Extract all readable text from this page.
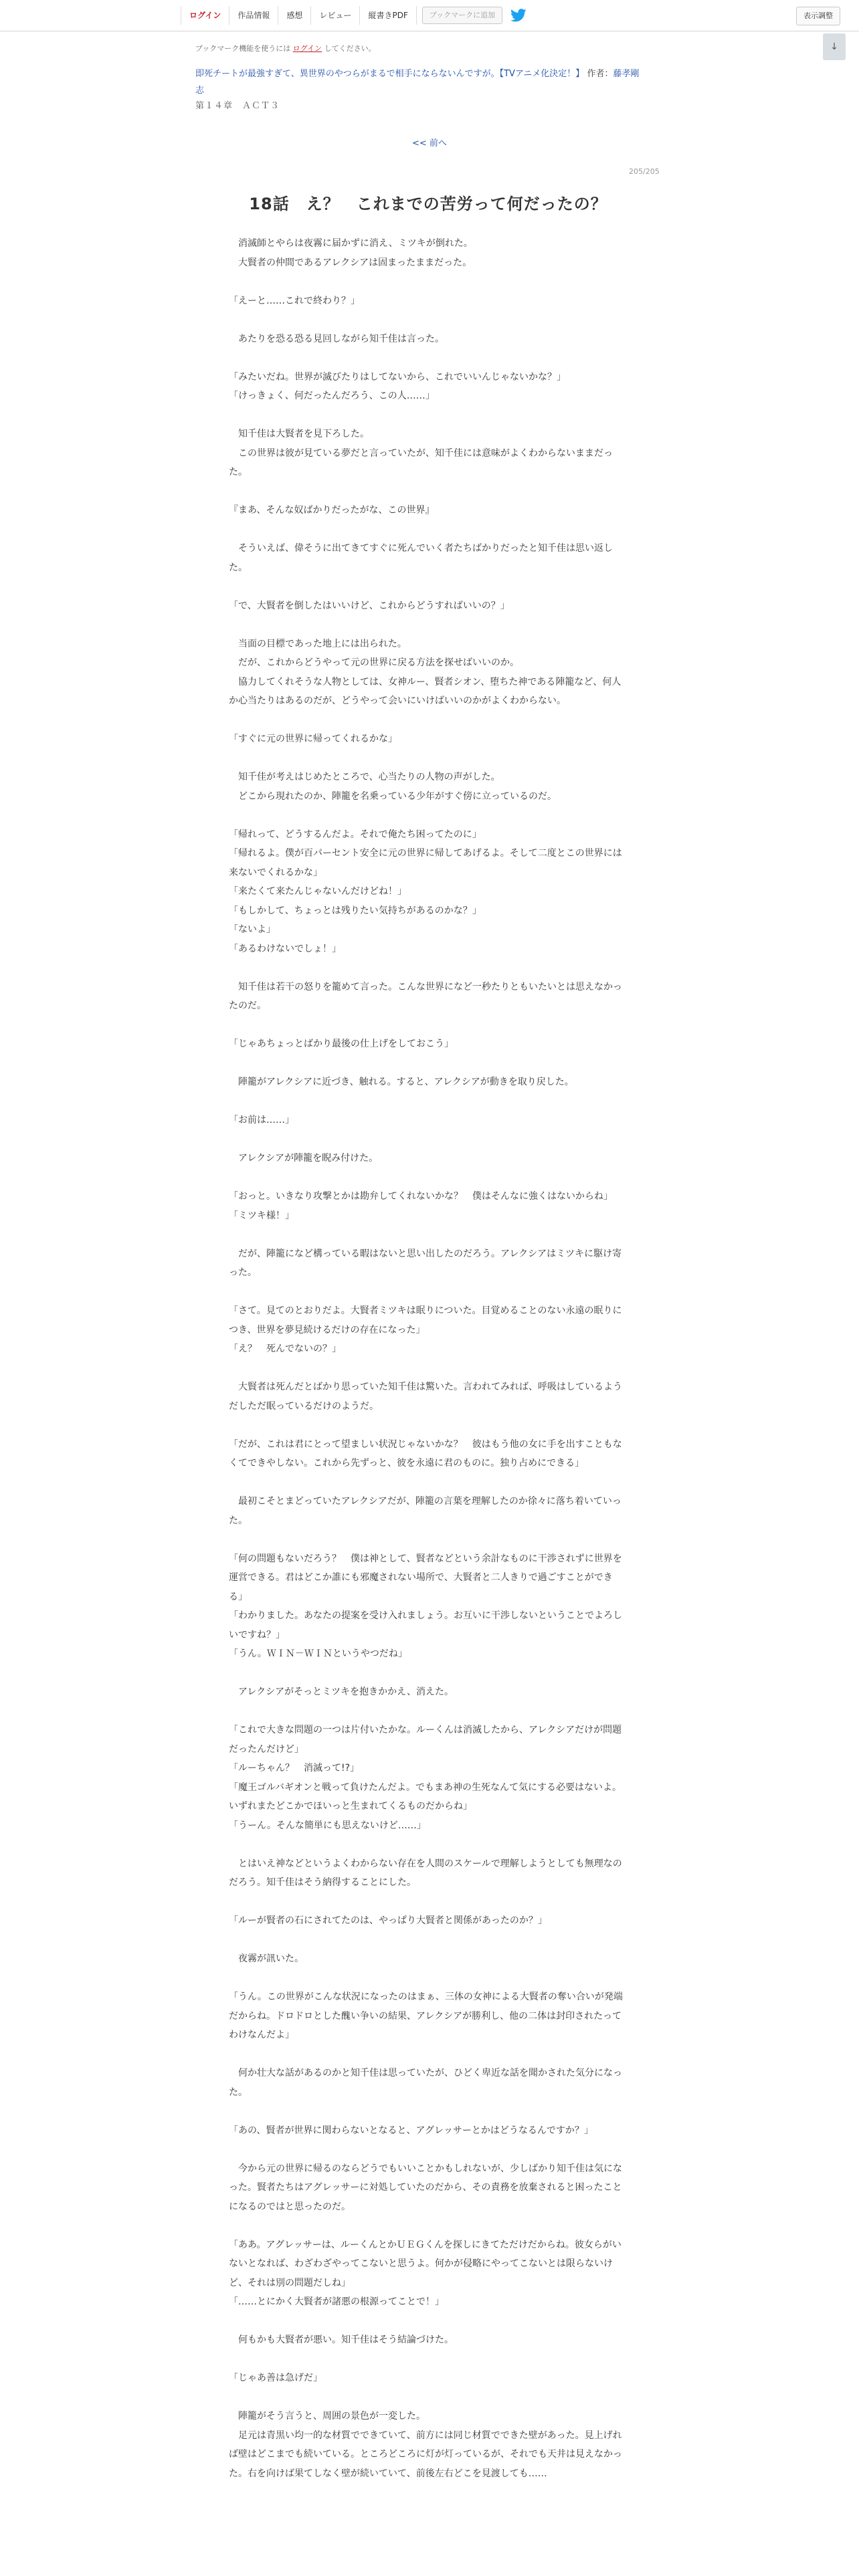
ログイン	作品情報	感想	レビュー	縦書きPDF	ブックマークに追加	表示調整
↓
ブックマーク機能を使うには ログイン してください。
即死チートが最強すぎて、異世界のやつらがまるで相手にならないんですが。【TVアニメ化決定！】 作者：藤孝剛志
第１４章　ＡＣＴ３
<< 前へ
205/205
18話　え？　これまでの苦労って何だったの？

　消滅師とやらは夜霧に届かずに消え、ミツキが倒れた。
　大賢者の仲間であるアレクシアは固まったままだった。

「えーと……これで終わり？」

　あたりを恐る恐る見回しながら知千佳は言った。

「みたいだね。世界が滅びたりはしてないから、これでいいんじゃないかな？」
「けっきょく、何だったんだろう、この人……」

　知千佳は大賢者を見下ろした。
　この世界は彼が見ている夢だと言っていたが、知千佳には意味がよくわからないままだった。

『まあ、そんな奴ばかりだったがな、この世界』

　そういえば、偉そうに出てきてすぐに死んでいく者たちばかりだったと知千佳は思い返した。

「で、大賢者を倒したはいいけど、これからどうすればいいの？」

　当面の目標であった地上には出られた。
　だが、これからどうやって元の世界に戻る方法を探せばいいのか。
　協力してくれそうな人物としては、女神ルー、賢者シオン、堕ちた神である陣籠など、何人か心当たりはあるのだが、どうやって会いにいけばいいのかがよくわからない。

「すぐに元の世界に帰ってくれるかな」

　知千佳が考えはじめたところで、心当たりの人物の声がした。
　どこから現れたのか、陣籠を名乗っている少年がすぐ傍に立っているのだ。

「帰れって、どうするんだよ。それで俺たち困ってたのに」
「帰れるよ。僕が百パーセント安全に元の世界に帰してあげるよ。そして二度とこの世界には来ないでくれるかな」
「来たくて来たんじゃないんだけどね！」
「もしかして、ちょっとは残りたい気持ちがあるのかな？」
「ないよ」
「あるわけないでしょ！」

　知千佳は若干の怒りを籠めて言った。こんな世界になど一秒たりともいたいとは思えなかったのだ。

「じゃあちょっとばかり最後の仕上げをしておこう」

　陣籠がアレクシアに近づき、触れる。すると、アレクシアが動きを取り戻した。

「お前は……」

　アレクシアが陣籠を睨み付けた。

「おっと。いきなり攻撃とかは勘弁してくれないかな？　僕はそんなに強くはないからね」
「ミツキ様！」

　だが、陣籠になど構っている暇はないと思い出したのだろう。アレクシアはミツキに駆け寄った。

「さて。見てのとおりだよ。大賢者ミツキは眠りについた。目覚めることのない永遠の眠りにつき、世界を夢見続けるだけの存在になった」
「え？　死んでないの？」

　大賢者は死んだとばかり思っていた知千佳は驚いた。言われてみれば、呼吸はしているようだしただ眠っているだけのようだ。

「だが、これは君にとって望ましい状況じゃないかな？　彼はもう他の女に手を出すこともなくてできやしない。これから先ずっと、彼を永遠に君のものに。独り占めにできる」

　最初こそとまどっていたアレクシアだが、陣籠の言葉を理解したのか徐々に落ち着いていった。

「何の問題もないだろう？　僕は神として、賢者などという余計なものに干渉されずに世界を運営できる。君はどこか誰にも邪魔されない場所で、大賢者と二人きりで過ごすことができる」
「わかりました。あなたの提案を受け入れましょう。お互いに干渉しないということでよろしいですね？」
「うん。ＷＩＮ－ＷＩＮというやつだね」

　アレクシアがそっとミツキを抱きかかえ、消えた。

「これで大きな問題の一つは片付いたかな。ルーくんは消滅したから、アレクシアだけが問題だったんだけど」
「ルーちゃん？　消滅って!?」
「魔王ゴルバギオンと戦って負けたんだよ。でもまあ神の生死なんて気にする必要はないよ。いずれまたどこかでほいっと生まれてくるものだからね」
「うーん。そんな簡単にも思えないけど……」

　とはいえ神などというよくわからない存在を人間のスケールで理解しようとしても無理なのだろう。知千佳はそう納得することにした。

「ルーが賢者の石にされてたのは、やっぱり大賢者と関係があったのか？」

　夜霧が訊いた。

「うん。この世界がこんな状況になったのはまぁ、三体の女神による大賢者の奪い合いが発端だからね。ドロドロとした醜い争いの結果、アレクシアが勝利し、他の二体は封印されたってわけなんだよ」

　何か壮大な話があるのかと知千佳は思っていたが、ひどく卑近な話を聞かされた気分になった。

「あの、賢者が世界に関わらないとなると、アグレッサーとかはどうなるんですか？」

　今から元の世界に帰るのならどうでもいいことかもしれないが、少しばかり知千佳は気になった。賢者たちはアグレッサーに対処していたのだから、その責務を放棄されると困ったことになるのではと思ったのだ。

「ああ。アグレッサーは、ルーくんとかＵＥＧくんを探しにきてただけだからね。彼女らがいないとなれば、わざわざやってこないと思うよ。何かが侵略にやってこないとは限らないけど、それは別の問題だしね」
「……とにかく大賢者が諸悪の根源ってことで！」

　何もかも大賢者が悪い。知千佳はそう結論づけた。

「じゃあ善は急げだ」

　陣籠がそう言うと、周囲の景色が一変した。
　足元は青黒い均一的な材質でできていて、前方には同じ材質でできた壁があった。見上げれば壁はどこまでも続いている。ところどころに灯が灯っているが、それでも天井は見えなかった。右を向けば果てしなく壁が続いていて、前後左右どこを見渡しても……
